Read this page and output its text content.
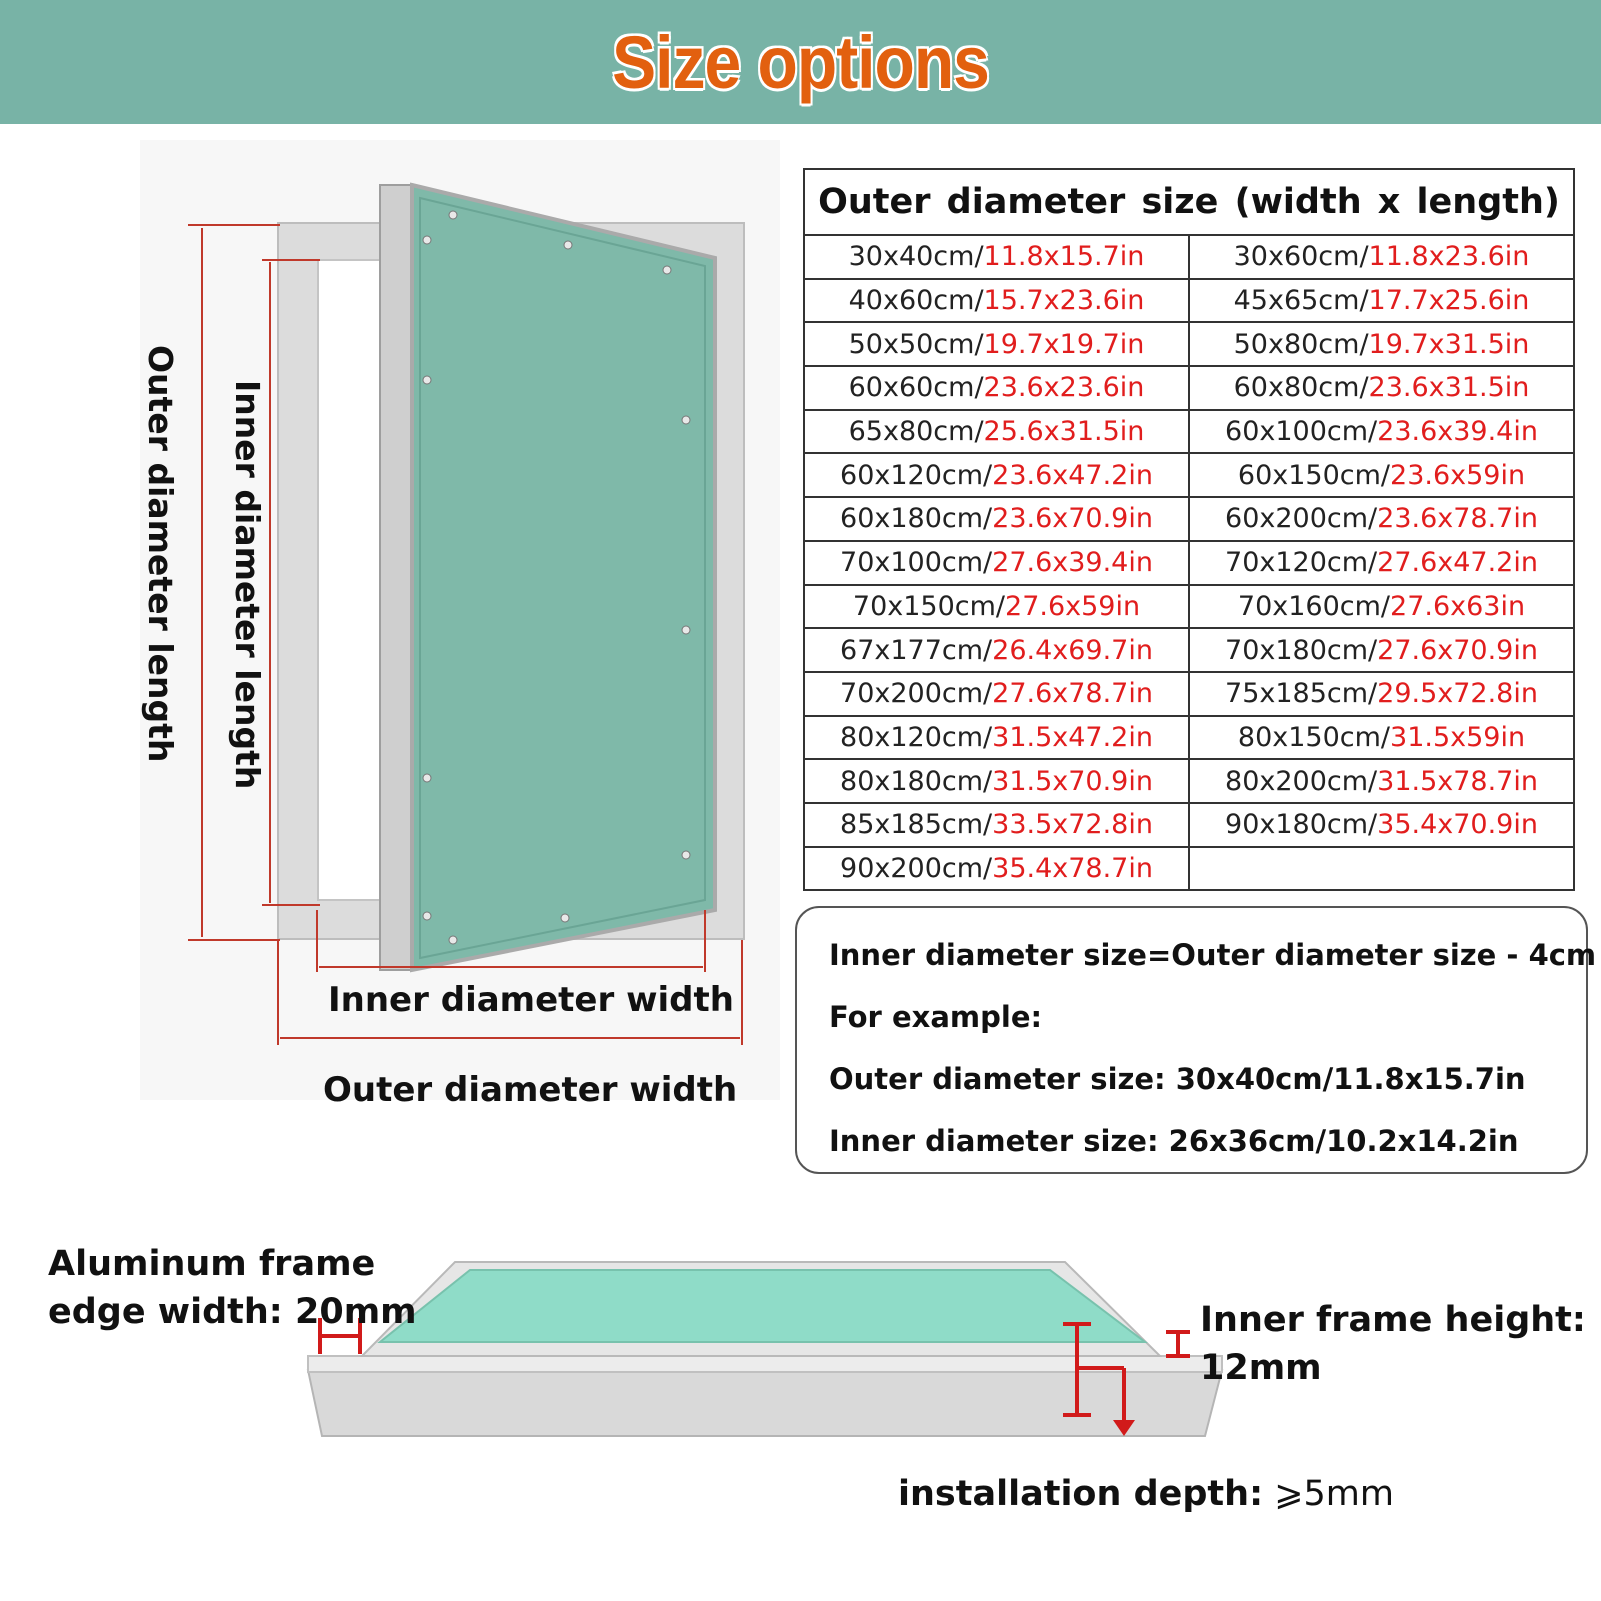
Size options
Outer diameter length Inner diameter length
Inner diameter width
Outer diameter width
Outer diameter size (width x length)	
30x40cm/11.8x15.7in	30x60cm/11.8x23.6in
40x60cm/15.7x23.6in	45x65cm/17.7x25.6in
50x50cm/19.7x19.7in	50x80cm/19.7x31.5in
60x60cm/23.6x23.6in	60x80cm/23.6x31.5in
65x80cm/25.6x31.5in	60x100cm/23.6x39.4in
60x120cm/23.6x47.2in	60x150cm/23.6x59in
60x180cm/23.6x70.9in	60x200cm/23.6x78.7in
70x100cm/27.6x39.4in	70x120cm/27.6x47.2in
70x150cm/27.6x59in	70x160cm/27.6x63in
67x177cm/26.4x69.7in	70x180cm/27.6x70.9in
70x200cm/27.6x78.7in	75x185cm/29.5x72.8in
80x120cm/31.5x47.2in	80x150cm/31.5x59in
80x180cm/31.5x70.9in	80x200cm/31.5x78.7in
85x185cm/33.5x72.8in	90x180cm/35.4x70.9in
90x200cm/35.4x78.7in	
Inner diameter size=Outer diameter size - 4cm
For example:
Outer diameter size: 30x40cm/11.8x15.7in
Inner diameter size: 26x36cm/10.2x14.2in
Aluminum frame
edge width: 20mm	Inner frame height:
12mm
installation depth: ⩾5mm
